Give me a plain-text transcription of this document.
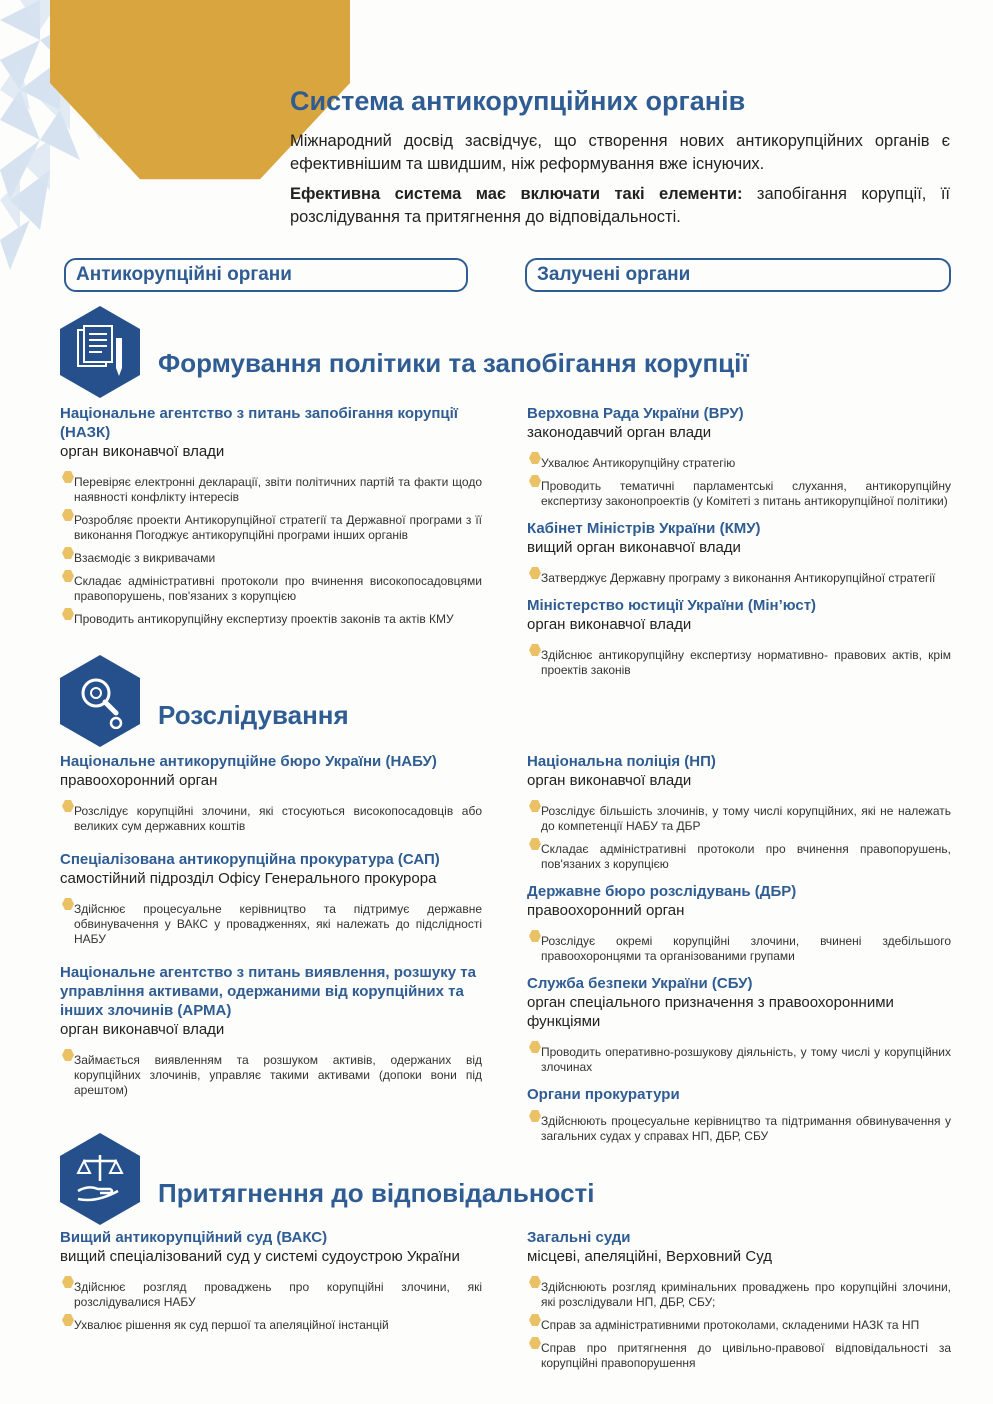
Система антикорупційних органів
Міжнародний досвід засвідчує, що створення нових антикорупційних органів є ефективнішим та швидшим, ніж реформування вже існуючих.
Ефективна система має включати такі елементи: запобігання корупції, її розслідування та притягнення до відповідальності.
Антикорупційні органи	Залучені органи
Формування політики та запобігання корупції
Національне агентство з питань запобігання корупції (НАЗК)
орган виконавчої влади
Перевіряє електронні декларації, звіти політичних партій та факти щодо наявності конфлікту інтересів
Розробляє проекти Антикорупційної стратегії та Державної програми з її виконання Погоджує антикорупційні програми інших органів
Взаємодіє з викривачами
Складає адміністративні протоколи про вчинення високопосадовцями правопорушень, пов'язаних з корупцією
Проводить антикорупційну експертизу проектів законів та актів КМУ
Верховна Рада України (ВРУ)
законодавчий орган влади
Ухвалює Антикорупційну стратегію
Проводить тематичні парламентські слухання, антикорупційну експертизу законопроектів (у Комітеті з питань антикорупційної політики)
Кабінет Міністрів України (КМУ)
вищий орган виконавчої влади
Затверджує Державну програму з виконання Антикорупційної стратегії
Міністерство юстиції України (Мін’юст)
орган виконавчої влади
Здійснює антикорупційну експертизу нормативно- правових актів, крім проектів законів
Розслідування
Національне антикорупційне бюро України (НАБУ)
правоохоронний орган
Розслідує корупційні злочини, які стосуються високопосадовців або великих сум державних коштів
Спеціалізована антикорупційна прокуратура (САП)
самостійний підрозділ Офісу Генерального прокурора
Здійснює процесуальне керівництво та підтримує державне обвинувачення у ВАКС у провадженнях, які належать до підслідності НАБУ
Національне агентство з питань виявлення, розшуку та управління активами, одержаними від корупційних та інших злочинів (АРМА)
орган виконавчої влади
Займається виявленням та розшуком активів, одержаних від корупційних злочинів, управляє такими активами (допоки вони під арештом)
Національна поліція (НП)
орган виконавчої влади
Розслідує більшість злочинів, у тому числі корупційних, які не належать до компетенції НАБУ та ДБР
Складає адміністративні протоколи про вчинення правопорушень, пов'язаних з корупцією
Державне бюро розслідувань (ДБР)
правоохоронний орган
Розслідує окремі корупційні злочини, вчинені здебільшого правоохоронцями та організованими групами
Служба безпеки України (СБУ)
орган спеціального призначення з правоохоронними функціями
Проводить оперативно-розшукову діяльність, у тому числі у корупційних злочинах
Органи прокуратури
Здійснюють процесуальне керівництво та підтримання обвинувачення у загальних судах у справах НП, ДБР, СБУ
Притягнення до відповідальності
Вищий антикорупційний суд (ВАКС)
вищий спеціалізований суд у системі судоустрою України
Здійснює розгляд проваджень про корупційні злочини, які розслідувалися НАБУ
Ухвалює рішення як суд першої та апеляційної інстанцій
Загальні суди
місцеві, апеляційні, Верховний Суд
Здійснюють розгляд кримінальних проваджень про корупційні злочини, які розслідували НП, ДБР, СБУ;
Справ за адміністративними протоколами, складеними НАЗК та НП
Справ про притягнення до цивільно-правової відповідальності за корупційні правопорушення
